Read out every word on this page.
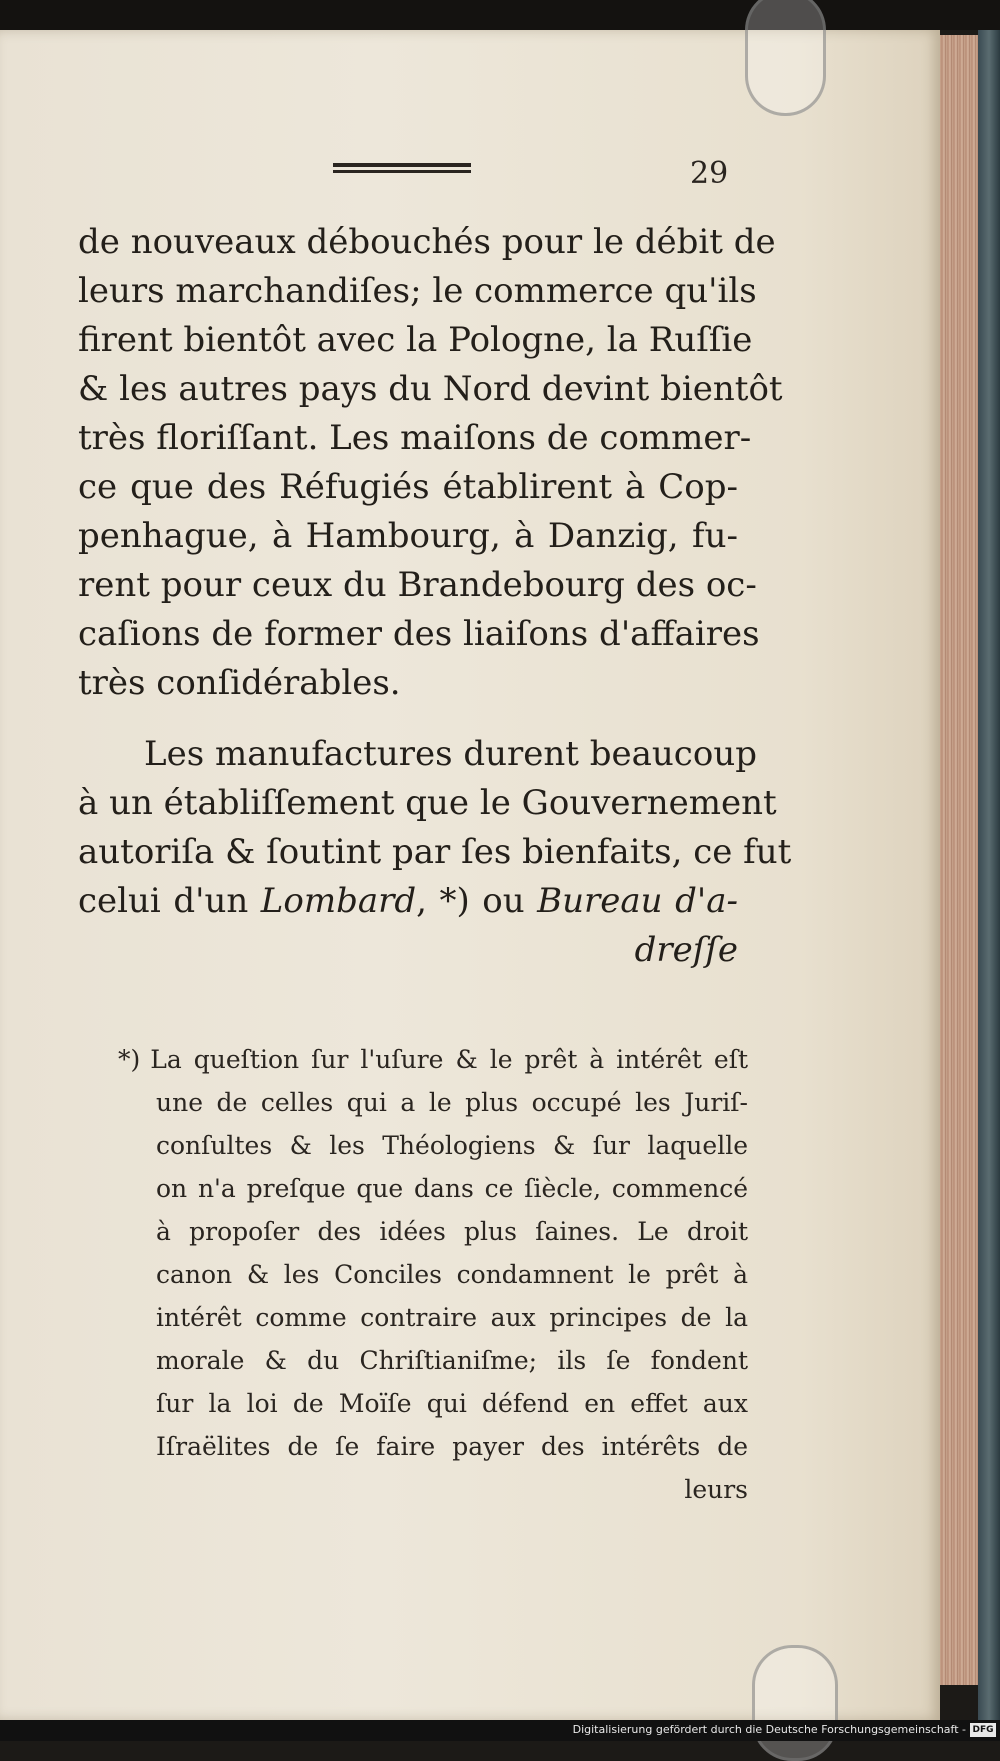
29
de nouveaux débouchés pour le débit de
leurs marchandiſes; le commerce qu'ils
firent bientôt avec la Pologne, la Ruſſie
& les autres pays du Nord devint bientôt
très floriſſant. Les maiſons de commer-
ce que des Réfugiés établirent à Cop-
penhague, à Hambourg, à Danzig, fu-
rent pour ceux du Brandebourg des oc-
caſions de former des liaiſons d'affaires
très conſidérables.
Les manufactures durent beaucoup
à un établiſſement que le Gouvernement
autoriſa & ſoutint par ſes bienfaits, ce fut
celui d'un Lombard, *) ou Bureau d'a-
dreſſe
*) La queſtion ſur l'uſure & le prêt à intérêt eſt
une de celles qui a le plus occupé les Juriſ-
conſultes & les Théologiens & ſur laquelle
on n'a preſque que dans ce ſiècle, commencé
à propoſer des idées plus ſaines. Le droit
canon & les Conciles condamnent le prêt à
intérêt comme contraire aux principes de la
morale & du Chriſtianiſme; ils ſe fondent
ſur la loi de Moïſe qui défend en effet aux
Iſraëlites de ſe faire payer des intérêts de
leurs
Digitalisierung gefördert durch die Deutsche Forschungsgemeinschaft - DFG
